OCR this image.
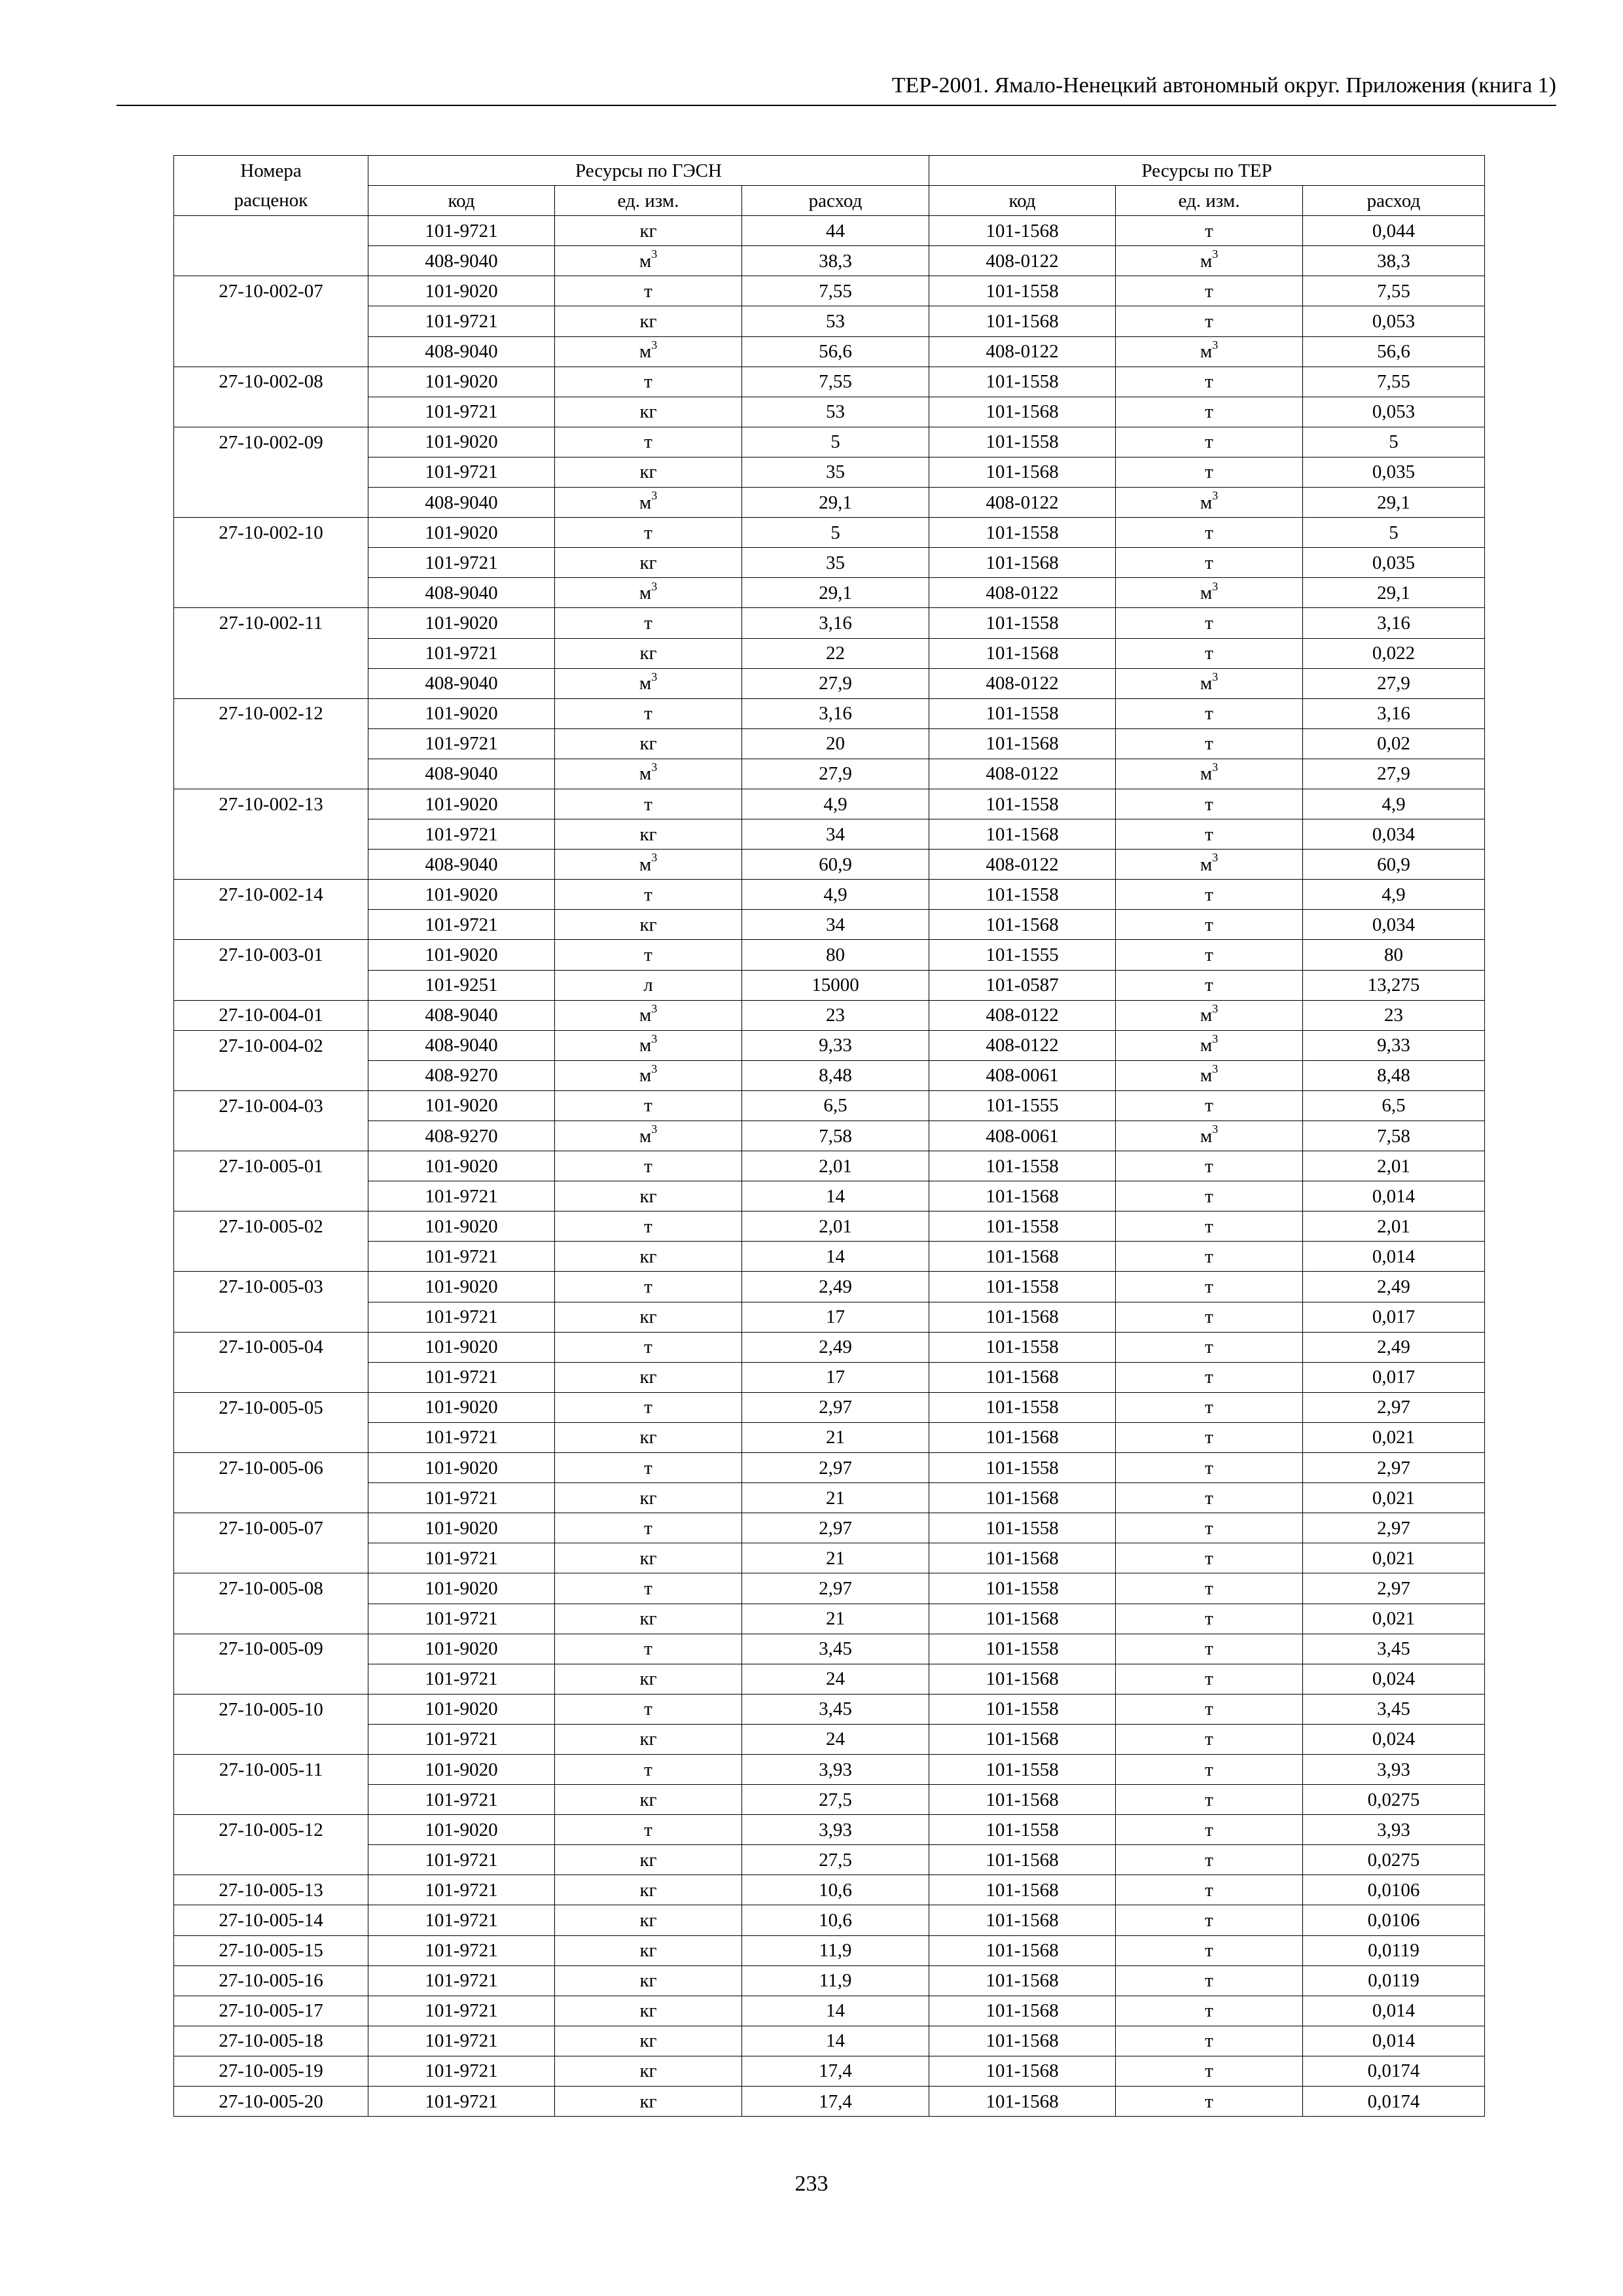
ТЕР-2001. Ямало-Ненецкий автономный округ. Приложения (книга 1)
Номера	Ресурсы по ГЭСН			Ресурсы по ТЕР		
расценок	код	ед. изм.	расход	код	ед. изм.	расход
	101-9721	кг	44	101-1568	т	0,044
	408-9040	$м^3$	38,3	408-0122	$м^3$	38,3
27-10-002-07	101-9020	т	7,55	101-1558	т	7,55
	101-9721	кг	53	101-1568	т	0,053
	408-9040	$м^3$	56,6	408-0122	$м^3$	56,6
27-10-002-08	101-9020	т	7,55	101-1558	т	7,55
	101-9721	кг	53	101-1568	т	0,053
27-10-002-09	101-9020	т	5	101-1558	т	5
	101-9721	кг	35	101-1568	т	0,035
	408-9040	$м^3$	29,1	408-0122	$м^3$	29,1
27-10-002-10	101-9020	т	5	101-1558	т	5
	101-9721	кг	35	101-1568	т	0,035
	408-9040	$м^3$	29,1	408-0122	$м^3$	29,1
27-10-002-11	101-9020	т	3,16	101-1558	т	3,16
	101-9721	кг	22	101-1568	т	0,022
	408-9040	$м^3$	27,9	408-0122	$м^3$	27,9
27-10-002-12	101-9020	т	3,16	101-1558	т	3,16
	101-9721	кг	20	101-1568	т	0,02
	408-9040	$м^3$	27,9	408-0122	$м^3$	27,9
27-10-002-13	101-9020	т	4,9	101-1558	т	4,9
	101-9721	кг	34	101-1568	т	0,034
	408-9040	$м^3$	60,9	408-0122	$м^3$	60,9
27-10-002-14	101-9020	т	4,9	101-1558	т	4,9
	101-9721	кг	34	101-1568	т	0,034
27-10-003-01	101-9020	т	80	101-1555	т	80
	101-9251	л	15000	101-0587	т	13,275
27-10-004-01	408-9040	$м^3$	23	408-0122	$м^3$	23
27-10-004-02	408-9040	$м^3$	9,33	408-0122	$м^3$	9,33
	408-9270	$м^3$	8,48	408-0061	$м^3$	8,48
27-10-004-03	101-9020	т	6,5	101-1555	т	6,5
	408-9270	$м^3$	7,58	408-0061	$м^3$	7,58
27-10-005-01	101-9020	т	2,01	101-1558	т	2,01
	101-9721	кг	14	101-1568	т	0,014
27-10-005-02	101-9020	т	2,01	101-1558	т	2,01
	101-9721	кг	14	101-1568	т	0,014
27-10-005-03	101-9020	т	2,49	101-1558	т	2,49
	101-9721	кг	17	101-1568	т	0,017
27-10-005-04	101-9020	т	2,49	101-1558	т	2,49
	101-9721	кг	17	101-1568	т	0,017
27-10-005-05	101-9020	т	2,97	101-1558	т	2,97
	101-9721	кг	21	101-1568	т	0,021
27-10-005-06	101-9020	т	2,97	101-1558	т	2,97
	101-9721	кг	21	101-1568	т	0,021
27-10-005-07	101-9020	т	2,97	101-1558	т	2,97
	101-9721	кг	21	101-1568	т	0,021
27-10-005-08	101-9020	т	2,97	101-1558	т	2,97
	101-9721	кг	21	101-1568	т	0,021
27-10-005-09	101-9020	т	3,45	101-1558	т	3,45
	101-9721	кг	24	101-1568	т	0,024
27-10-005-10	101-9020	т	3,45	101-1558	т	3,45
	101-9721	кг	24	101-1568	т	0,024
27-10-005-11	101-9020	т	3,93	101-1558	т	3,93
	101-9721	кг	27,5	101-1568	т	0,0275
27-10-005-12	101-9020	т	3,93	101-1558	т	3,93
	101-9721	кг	27,5	101-1568	т	0,0275
27-10-005-13	101-9721	кг	10,6	101-1568	т	0,0106
27-10-005-14	101-9721	кг	10,6	101-1568	т	0,0106
27-10-005-15	101-9721	кг	11,9	101-1568	т	0,0119
27-10-005-16	101-9721	кг	11,9	101-1568	т	0,0119
27-10-005-17	101-9721	кг	14	101-1568	т	0,014
27-10-005-18	101-9721	кг	14	101-1568	т	0,014
27-10-005-19	101-9721	кг	17,4	101-1568	т	0,0174
27-10-005-20	101-9721	кг	17,4	101-1568	т	0,0174
233
